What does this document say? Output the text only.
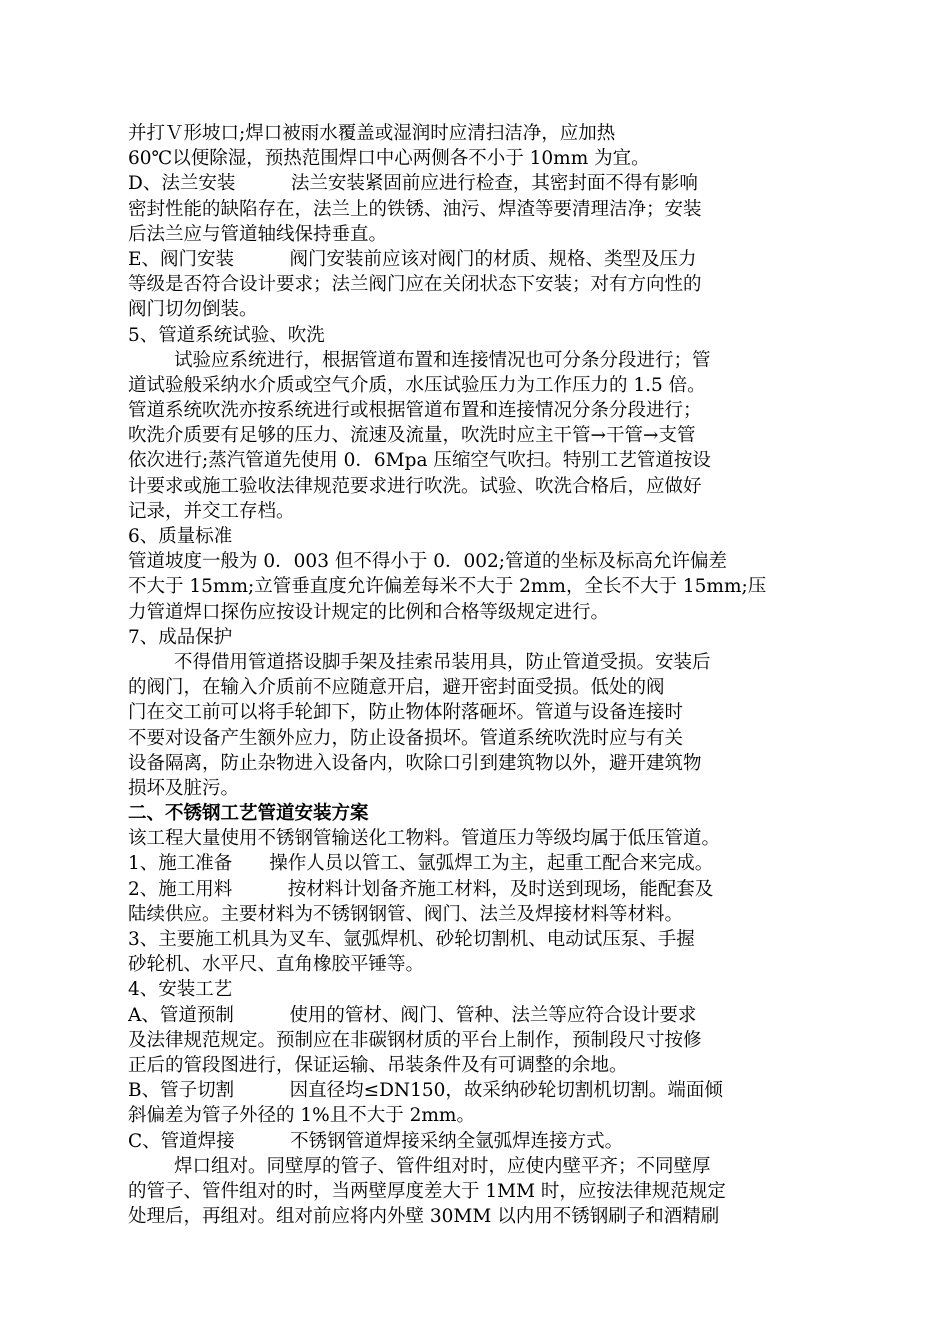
并打Ｖ形坡口;焊口被雨水覆盖或湿润时应清扫洁净，应加热
60℃以便除湿，预热范围焊口中心两侧各不小于 10mm 为宜。
D、法兰安装　　　法兰安装紧固前应进行检查，其密封面不得有影响
密封性能的缺陷存在，法兰上的铁锈、油污、焊渣等要清理洁净；安装
后法兰应与管道轴线保持垂直。
E、阀门安装　　　阀门安装前应该对阀门的材质、规格、类型及压力
等级是否符合设计要求；法兰阀门应在关闭状态下安装；对有方向性的
阀门切勿倒装。
5、管道系统试验、吹洗
试验应系统进行，根据管道布置和连接情况也可分条分段进行；管
道试验般采纳水介质或空气介质，水压试验压力为工作压力的 1.5 倍。
管道系统吹洗亦按系统进行或根据管道布置和连接情况分条分段进行；
吹洗介质要有足够的压力、流速及流量，吹洗时应主干管→干管→支管
依次进行;蒸汽管道先使用 0．6Mpa 压缩空气吹扫。特别工艺管道按设
计要求或施工验收法律规范要求进行吹洗。试验、吹洗合格后，应做好
记录，并交工存档。
6、质量标准
管道坡度一般为 0．003 但不得小于 0．002;管道的坐标及标高允许偏差
不大于 15mm;立管垂直度允许偏差每米不大于 2mm，全长不大于 15mm;压
力管道焊口探伤应按设计规定的比例和合格等级规定进行。
7、成品保护
不得借用管道搭设脚手架及挂索吊装用具，防止管道受损。安装后
的阀门，在输入介质前不应随意开启，避开密封面受损。低处的阀
门在交工前可以将手轮卸下，防止物体附落砸坏。管道与设备连接时
不要对设备产生额外应力，防止设备损坏。管道系统吹洗时应与有关
设备隔离，防止杂物进入设备内，吹除口引到建筑物以外，避开建筑物
损坏及脏污。
二、不锈钢工艺管道安装方案
该工程大量使用不锈钢管输送化工物料。管道压力等级均属于低压管道。
1、施工准备　　操作人员以管工、氩弧焊工为主，起重工配合来完成。
2、施工用料　　　按材料计划备齐施工材料，及时送到现场，能配套及
陆续供应。主要材料为不锈钢钢管、阀门、法兰及焊接材料等材料。
3、主要施工机具为叉车、氩弧焊机、砂轮切割机、电动试压泵、手握
砂轮机、水平尺、直角橡胶平锤等。
4、安装工艺
A、管道预制　　　使用的管材、阀门、管种、法兰等应符合设计要求
及法律规范规定。预制应在非碳钢材质的平台上制作，预制段尺寸按修
正后的管段图进行，保证运输、吊装条件及有可调整的余地。
B、管子切割　　　因直径均≤DN150，故采纳砂轮切割机切割。端面倾
斜偏差为管子外径的 1%且不大于 2mm。
C、管道焊接　　　不锈钢管道焊接采纳全氩弧焊连接方式。
焊口组对。同壁厚的管子、管件组对时，应使内壁平齐；不同壁厚
的管子、管件组对的时，当两壁厚度差大于 1MM 时，应按法律规范规定
处理后，再组对。组对前应将内外壁 30MM 以内用不锈钢刷子和酒精刷
